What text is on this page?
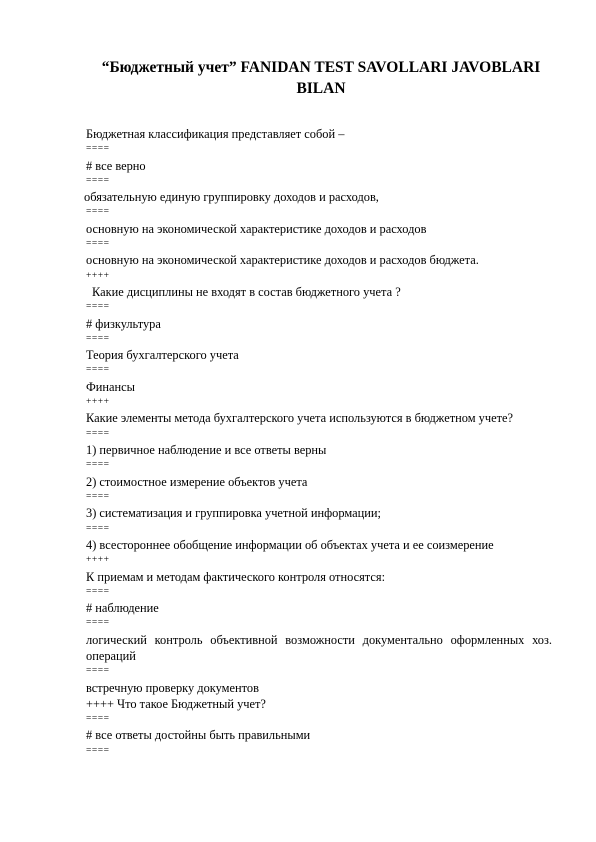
“Бюджетный учет” FANIDAN TEST SAVOLLARI JAVOBLARI BILAN
Бюджетная классификация представляет собой –
====
# все верно
====
обязательную единую группировку доходов и расходов,
====
основную на экономической характеристике доходов и расходов
====
основную на экономической характеристике доходов и расходов бюджета.
++++
Какие дисциплины не входят в состав бюджетного учета ?
====
# физкультура
====
Теория бухгалтерского учета
====
Финансы
++++
Какие элементы метода бухгалтерского учета используются в бюджетном учете?
====
1) первичное наблюдение и все ответы верны
====
2) стоимостное измерение объектов учета
====
3) систематизация и группировка учетной информации;
====
4) всестороннее обобщение информации об объектах учета и ее соизмерение
++++
К приемам и методам фактического контроля относятся:
====
# наблюдение
====
логический контроль объективной возможности документально оформленных хоз. операций
====
встречную проверку документов
++++ Что такое Бюджетный учет?
====
# все ответы достойны быть правильными
====
